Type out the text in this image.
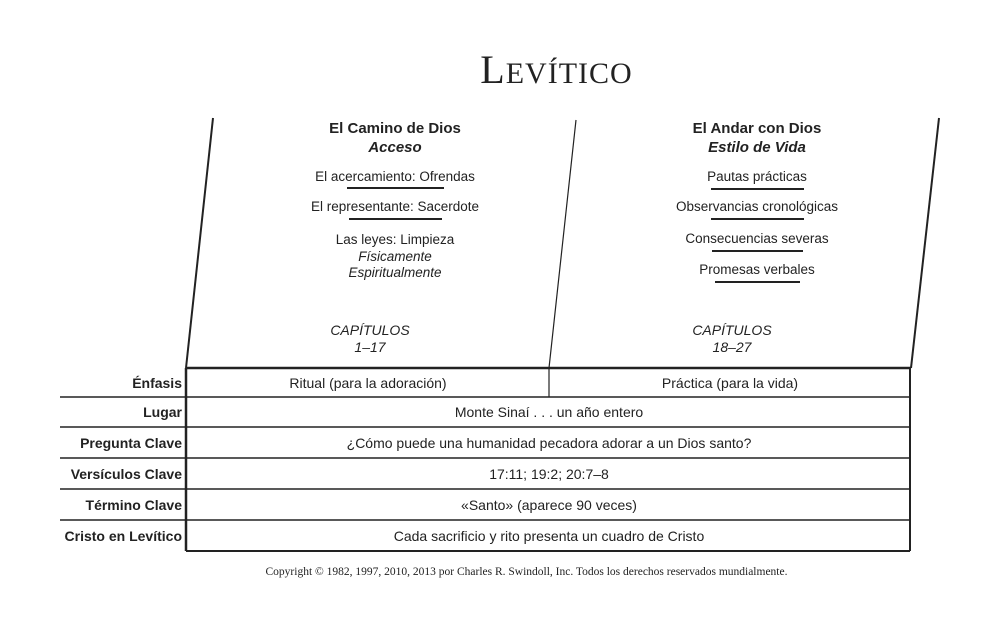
LEVÍTICO
El Camino de Dios
Acceso
El acercamiento: Ofrendas
El representante: Sacerdote
Las leyes: Limpieza
Físicamente
Espiritualmente
CAPÍTULOS
1–17
El Andar con Dios
Estilo de Vida
Pautas prácticas
Observancias cronológicas
Consecuencias severas
Promesas verbales
CAPÍTULOS
18–27
Énfasis
Lugar
Pregunta Clave
Versículos Clave
Término Clave
Cristo en Levítico
Ritual (para la adoración)	Práctica (para la vida)
Monte Sinaí . . . un año entero
¿Cómo puede una humanidad pecadora adorar a un Dios santo?
17:11; 19:2; 20:7–8
«Santo» (aparece 90 veces)
Cada sacrificio y rito presenta un cuadro de Cristo
Copyright © 1982, 1997, 2010, 2013 por Charles R. Swindoll, Inc. Todos los derechos reservados mundialmente.
